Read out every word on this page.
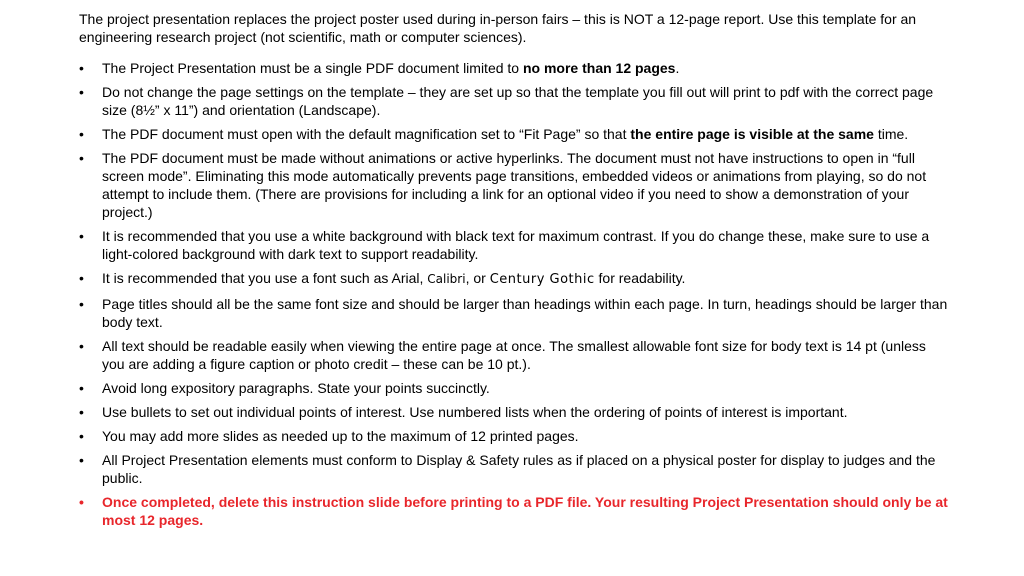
The project presentation replaces the project poster used during in-person fairs – this is NOT a 12-page report. Use this template for an engineering research project (not scientific, math or computer sciences).

• The Project Presentation must be a single PDF document limited to no more than 12 pages.
• Do not change the page settings on the template – they are set up so that the template you fill out will print to pdf with the correct page size (8½” x 11”) and orientation (Landscape).
• The PDF document must open with the default magnification set to “Fit Page” so that the entire page is visible at the same time.
• The PDF document must be made without animations or active hyperlinks. The document must not have instructions to open in “full screen mode”. Eliminating this mode automatically prevents page transitions, embedded videos or animations from playing, so do not attempt to include them. (There are provisions for including a link for an optional video if you need to show a demonstration of your project.)
• It is recommended that you use a white background with black text for maximum contrast. If you do change these, make sure to use a light-colored background with dark text to support readability.
• It is recommended that you use a font such as Arial, Calibri, or Century Gothic for readability.
• Page titles should all be the same font size and should be larger than headings within each page. In turn, headings should be larger than body text.
• All text should be readable easily when viewing the entire page at once. The smallest allowable font size for body text is 14 pt (unless you are adding a figure caption or photo credit – these can be 10 pt.).
• Avoid long expository paragraphs. State your points succinctly.
• Use bullets to set out individual points of interest. Use numbered lists when the ordering of points of interest is important.
• You may add more slides as needed up to the maximum of 12 printed pages.
• All Project Presentation elements must conform to Display & Safety rules as if placed on a physical poster for display to judges and the public.
• Once completed, delete this instruction slide before printing to a PDF file. Your resulting Project Presentation should only be at most 12 pages.
